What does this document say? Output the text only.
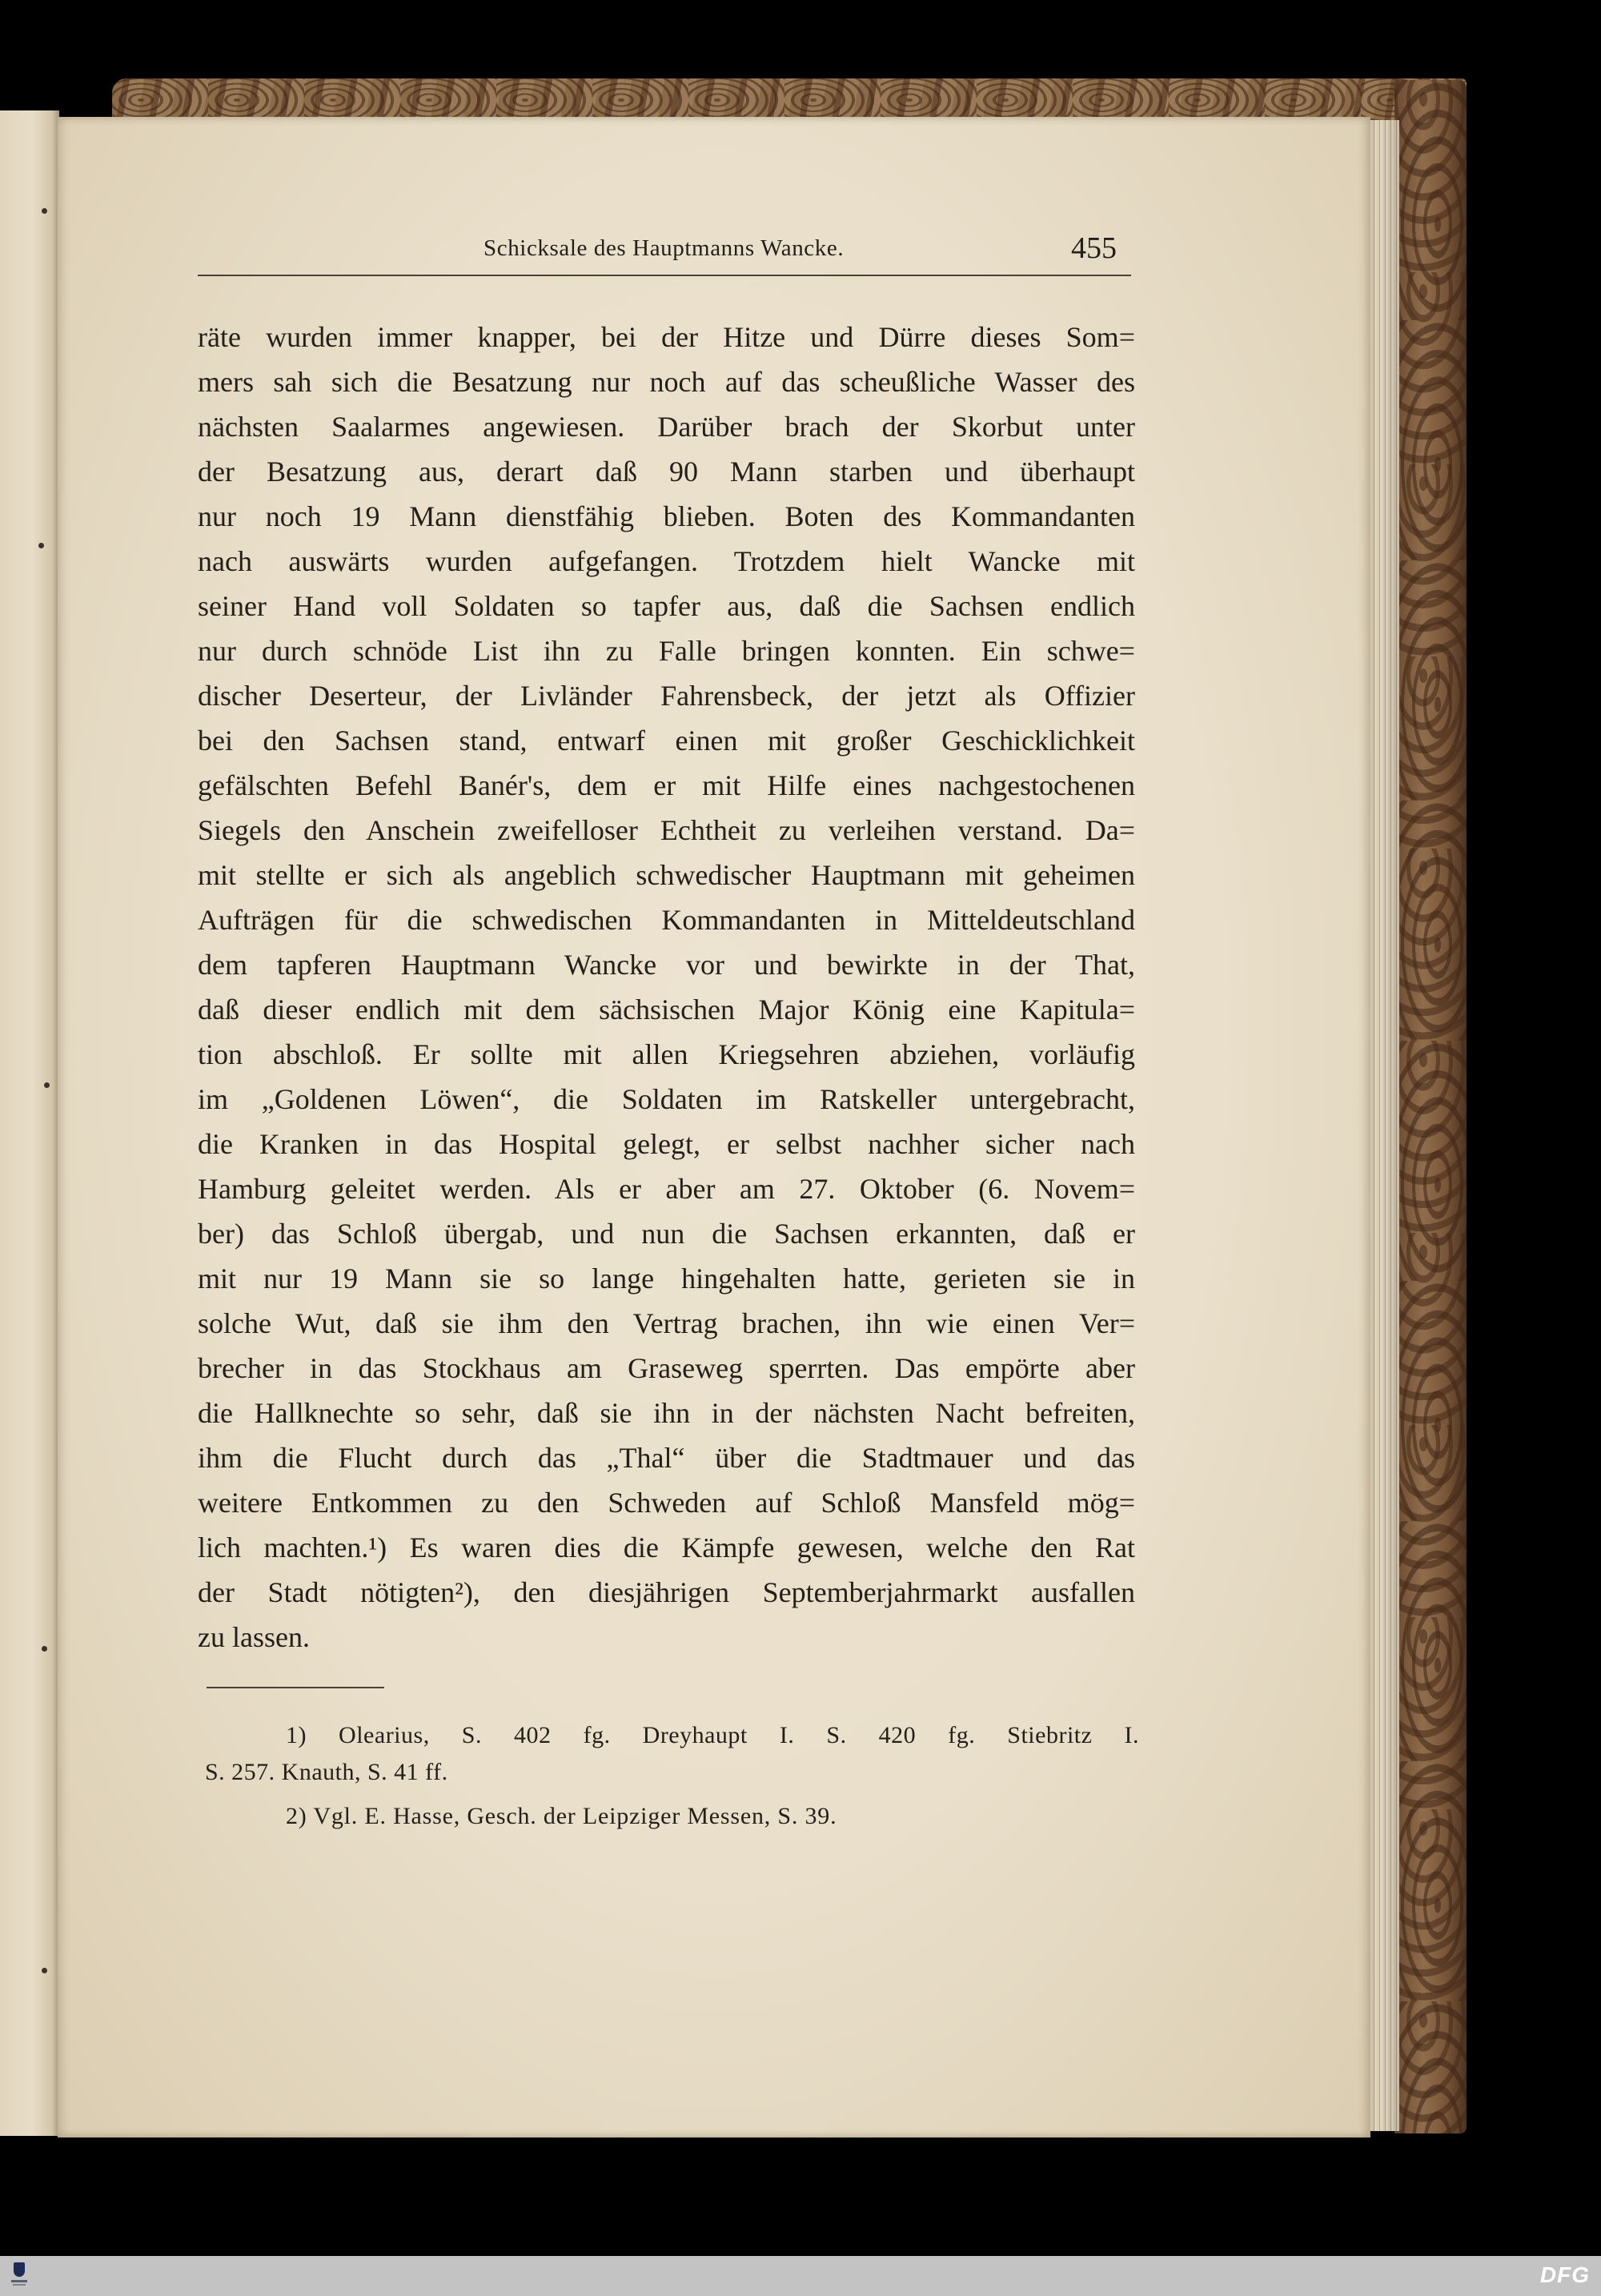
Schicksale des Hauptmanns Wancke.	455
räte wurden immer knapper, bei der Hitze und Dürre dieses Som=
mers sah sich die Besatzung nur noch auf das scheußliche Wasser des
nächsten Saalarmes angewiesen. Darüber brach der Skorbut unter
der Besatzung aus, derart daß 90 Mann starben und überhaupt
nur noch 19 Mann dienstfähig blieben. Boten des Kommandanten
nach auswärts wurden aufgefangen. Trotzdem hielt Wancke mit
seiner Hand voll Soldaten so tapfer aus, daß die Sachsen endlich
nur durch schnöde List ihn zu Falle bringen konnten. Ein schwe=
discher Deserteur, der Livländer Fahrensbeck, der jetzt als Offizier
bei den Sachsen stand, entwarf einen mit großer Geschicklichkeit
gefälschten Befehl Banér's, dem er mit Hilfe eines nachgestochenen
Siegels den Anschein zweifelloser Echtheit zu verleihen verstand. Da=
mit stellte er sich als angeblich schwedischer Hauptmann mit geheimen
Aufträgen für die schwedischen Kommandanten in Mitteldeutschland
dem tapferen Hauptmann Wancke vor und bewirkte in der That,
daß dieser endlich mit dem sächsischen Major König eine Kapitula=
tion abschloß. Er sollte mit allen Kriegsehren abziehen, vorläufig
im „Goldenen Löwen“, die Soldaten im Ratskeller untergebracht,
die Kranken in das Hospital gelegt, er selbst nachher sicher nach
Hamburg geleitet werden. Als er aber am 27. Oktober (6. Novem=
ber) das Schloß übergab, und nun die Sachsen erkannten, daß er
mit nur 19 Mann sie so lange hingehalten hatte, gerieten sie in
solche Wut, daß sie ihm den Vertrag brachen, ihn wie einen Ver=
brecher in das Stockhaus am Graseweg sperrten. Das empörte aber
die Hallknechte so sehr, daß sie ihn in der nächsten Nacht befreiten,
ihm die Flucht durch das „Thal“ über die Stadtmauer und das
weitere Entkommen zu den Schweden auf Schloß Mansfeld mög=
lich machten.¹) Es waren dies die Kämpfe gewesen, welche den Rat
der Stadt nötigten²), den diesjährigen Septemberjahrmarkt ausfallen
zu lassen.
1) Olearius, S. 402 fg. Dreyhaupt I. S. 420 fg. Stiebritz I.
S. 257. Knauth, S. 41 ff.
2) Vgl. E. Hasse, Gesch. der Leipziger Messen, S. 39.
DFG
